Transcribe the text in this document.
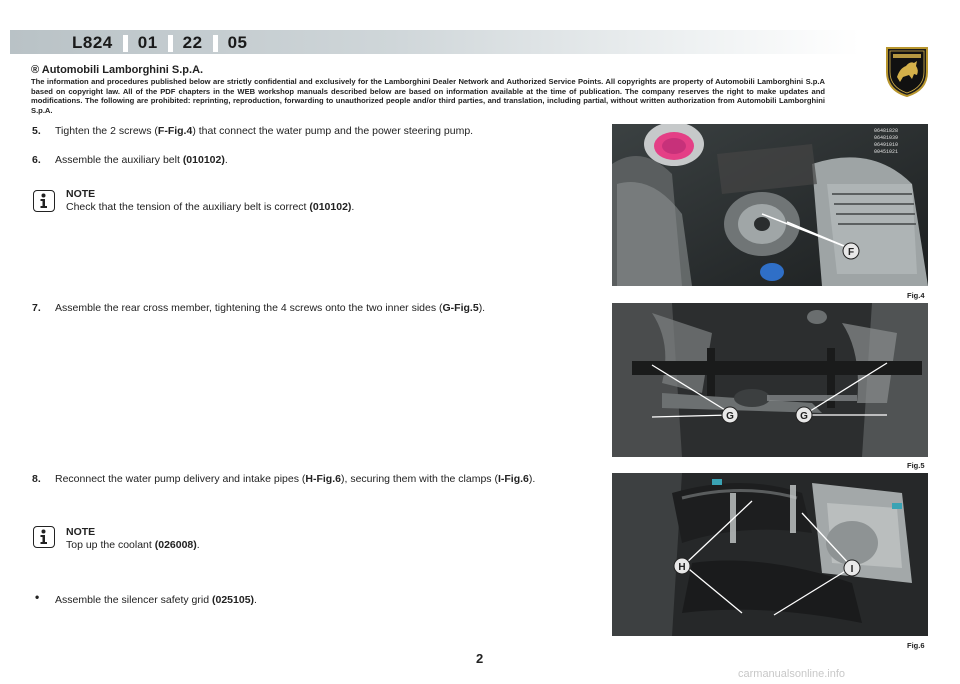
L824 01 22 05
® Automobili Lamborghini S.p.A.
The information and procedures published below are strictly confidential and exclusively for the Lamborghini Dealer Network and Authorized Service Points. All copyrights are property of Automobili Lamborghini S.p.A based on copyright law. All of the PDF chapters in the WEB workshop manuals described below are based on information available at the time of publication. The company reserves the right to make updates and modifications. The following are prohibited: reprinting, reproduction, forwarding to unauthorized people and/or third parties, and translation, including partial, without written authorization from Automobili Lamborghini S.p.A.
5.	Tighten the 2 screws (F-Fig.4) that connect the water pump and the power steering pump.
6.	Assemble the auxiliary belt (010102).
NOTE
Check that the tension of the auxiliary belt is correct (010102).
7.	Assemble the rear cross member, tightening the 4 screws onto the two inner sides (G-Fig.5).
8.	Reconnect the water pump delivery and intake pipes (H-Fig.6), securing them with the clamps (I-Fig.6).
NOTE
Top up the coolant (026008).
• Assemble the silencer safety grid (025105).
06481828
06481039
06491010
00451021
F
Fig.4
G	G
Fig.5
H	I
Fig.6
2
carmanualsonline.info
